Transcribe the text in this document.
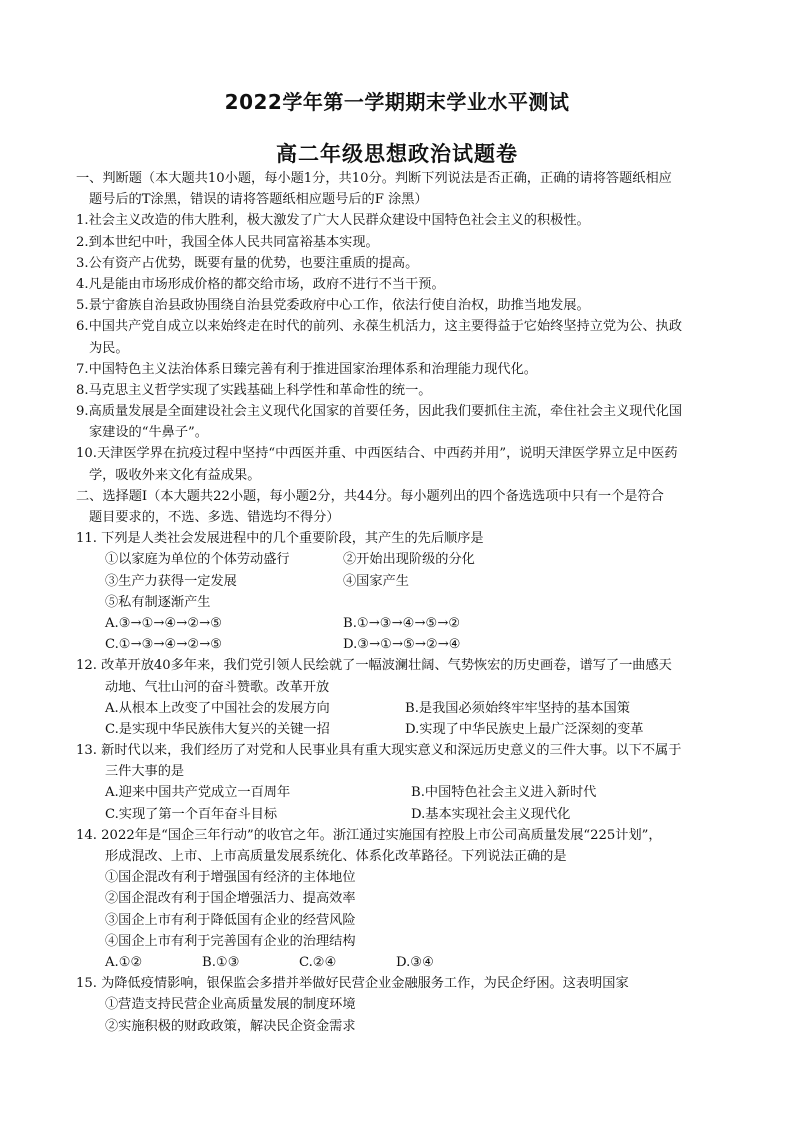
2022学年第一学期期末学业水平测试
高二年级思想政治试题卷
一、判断题（本大题共10小题，每小题1分，共10分。判断下列说法是否正确，正确的请将答题纸相应
题号后的T涂黑，错误的请将答题纸相应题号后的F 涂黑）
1.社会主义改造的伟大胜利，极大激发了广大人民群众建设中国特色社会主义的积极性。
2.到本世纪中叶，我国全体人民共同富裕基本实现。
3.公有资产占优势，既要有量的优势，也要注重质的提高。
4.凡是能由市场形成价格的都交给市场，政府不进行不当干预。
5.景宁畲族自治县政协围绕自治县党委政府中心工作，依法行使自治权，助推当地发展。
6.中国共产党自成立以来始终走在时代的前列、永葆生机活力，这主要得益于它始终坚持立党为公、执政
为民。
7.中国特色主义法治体系日臻完善有利于推进国家治理体系和治理能力现代化。
8.马克思主义哲学实现了实践基础上科学性和革命性的统一。
9.高质量发展是全面建设社会主义现代化国家的首要任务，因此我们要抓住主流，牵住社会主义现代化国
家建设的“牛鼻子”。
10.天津医学界在抗疫过程中坚持“中西医并重、中西医结合、中西药并用”，说明天津医学界立足中医药
学，吸收外来文化有益成果。
二、选择题Ⅰ（本大题共22小题，每小题2分，共44分。每小题列出的四个备选选项中只有一个是符合
题目要求的，不选、多选、错选均不得分）
11. 下列是人类社会发展进程中的几个重要阶段，其产生的先后顺序是
①以家庭为单位的个体劳动盛行	②开始出现阶级的分化
③生产力获得一定发展	④国家产生
⑤私有制逐渐产生
A.③→①→④→②→⑤	B.①→③→④→⑤→②
C.①→③→④→②→⑤	D.③→①→⑤→②→④
12. 改革开放40多年来，我们党引领人民绘就了一幅波澜壮阔、气势恢宏的历史画卷，谱写了一曲感天
动地、气壮山河的奋斗赞歌。改革开放
A.从根本上改变了中国社会的发展方向	B.是我国必须始终牢牢坚持的基本国策
C.是实现中华民族伟大复兴的关键一招	D.实现了中华民族史上最广泛深刻的变革
13. 新时代以来，我们经历了对党和人民事业具有重大现实意义和深远历史意义的三件大事。以下不属于
三件大事的是
A.迎来中国共产党成立一百周年	B.中国特色社会主义进入新时代
C.实现了第一个百年奋斗目标	D.基本实现社会主义现代化
14. 2022年是“国企三年行动”的收官之年。浙江通过实施国有控股上市公司高质量发展“225计划”，
形成混改、上市、上市高质量发展系统化、体系化改革路径。下列说法正确的是
①国企混改有利于增强国有经济的主体地位
②国企混改有利于国企增强活力、提高效率
③国企上市有利于降低国有企业的经营风险
④国企上市有利于完善国有企业的治理结构
A.①②	B.①③	C.②④	D.③④
15. 为降低疫情影响，银保监会多措并举做好民营企业金融服务工作，为民企纾困。这表明国家
①营造支持民营企业高质量发展的制度环境
②实施积极的财政政策，解决民企资金需求
